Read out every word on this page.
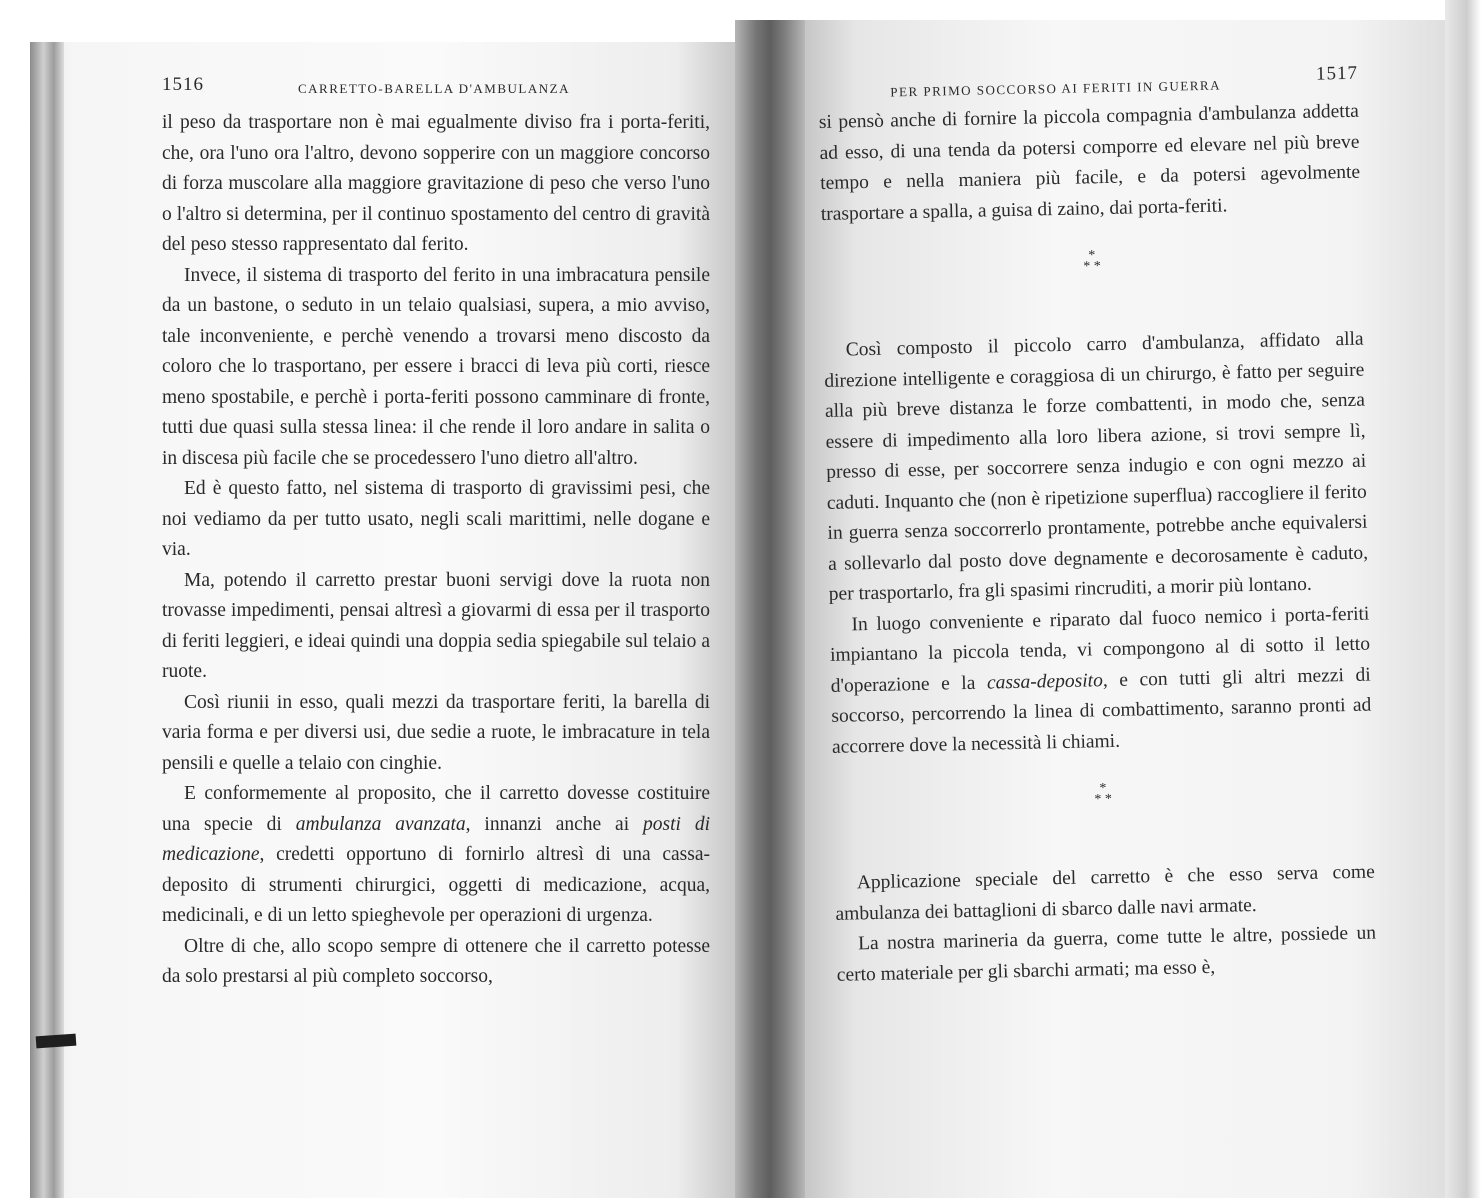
1516	CARRETTO-BARELLA D'AMBULANZA

il peso da trasportare non è mai egualmente diviso fra i porta-feriti, che, ora l'uno ora l'altro, devono sopperire con un maggiore concorso di forza muscolare alla maggiore gravitazione di peso che verso l'uno o l'altro si determina, per il continuo spostamento del centro di gravità del peso stesso rappresentato dal ferito.

Invece, il sistema di trasporto del ferito in una imbracatura pensile da un bastone, o seduto in un telaio qualsiasi, supera, a mio avviso, tale inconveniente, e perchè venendo a trovarsi meno discosto da coloro che lo trasportano, per essere i bracci di leva più corti, riesce meno spostabile, e perchè i porta-feriti possono camminare di fronte, tutti due quasi sulla stessa linea: il che rende il loro andare in salita o in discesa più facile che se procedessero l'uno dietro all'altro.

Ed è questo fatto, nel sistema di trasporto di gravissimi pesi, che noi vediamo da per tutto usato, negli scali marittimi, nelle dogane e via.

Ma, potendo il carretto prestar buoni servigi dove la ruota non trovasse impedimenti, pensai altresì a giovarmi di essa per il trasporto di feriti leggieri, e ideai quindi una doppia sedia spiegabile sul telaio a ruote.

Così riunii in esso, quali mezzi da trasportare feriti, la barella di varia forma e per diversi usi, due sedie a ruote, le imbracature in tela pensili e quelle a telaio con cinghie.

E conformemente al proposito, che il carretto dovesse costituire una specie di ambulanza avanzata, innanzi anche ai posti di medicazione, credetti opportuno di fornirlo altresì di una cassa-deposito di strumenti chirurgici, oggetti di medicazione, acqua, medicinali, e di un letto spieghevole per operazioni di urgenza.

Oltre di che, allo scopo sempre di ottenere che il carretto potesse da solo prestarsi al più completo soccorso,

PER PRIMO SOCCORSO AI FERITI IN GUERRA
1517

si pensò anche di fornire la piccola compagnia d'ambulanza addetta ad esso, di una tenda da potersi comporre ed elevare nel più breve tempo e nella maniera più facile, e da potersi agevolmente trasportare a spalla, a guisa di zaino, dai porta-feriti.

*
* *

Così composto il piccolo carro d'ambulanza, affidato alla direzione intelligente e coraggiosa di un chirurgo, è fatto per seguire alla più breve distanza le forze combattenti, in modo che, senza essere di impedimento alla loro libera azione, si trovi sempre lì, presso di esse, per soccorrere senza indugio e con ogni mezzo ai caduti. Inquanto che (non è ripetizione superflua) raccogliere il ferito in guerra senza soccorrerlo prontamente, potrebbe anche equivalersi a sollevarlo dal posto dove degnamente e decorosamente è caduto, per trasportarlo, fra gli spasimi rincruditi, a morir più lontano.

In luogo conveniente e riparato dal fuoco nemico i porta-feriti impiantano la piccola tenda, vi compongono al di sotto il letto d'operazione e la cassa-deposito, e con tutti gli altri mezzi di soccorso, percorrendo la linea di combattimento, saranno pronti ad accorrere dove la necessità li chiami.

*
* *

Applicazione speciale del carretto è che esso serva come ambulanza dei battaglioni di sbarco dalle navi armate.

La nostra marineria da guerra, come tutte le altre, possiede un certo materiale per gli sbarchi armati; ma esso è,
